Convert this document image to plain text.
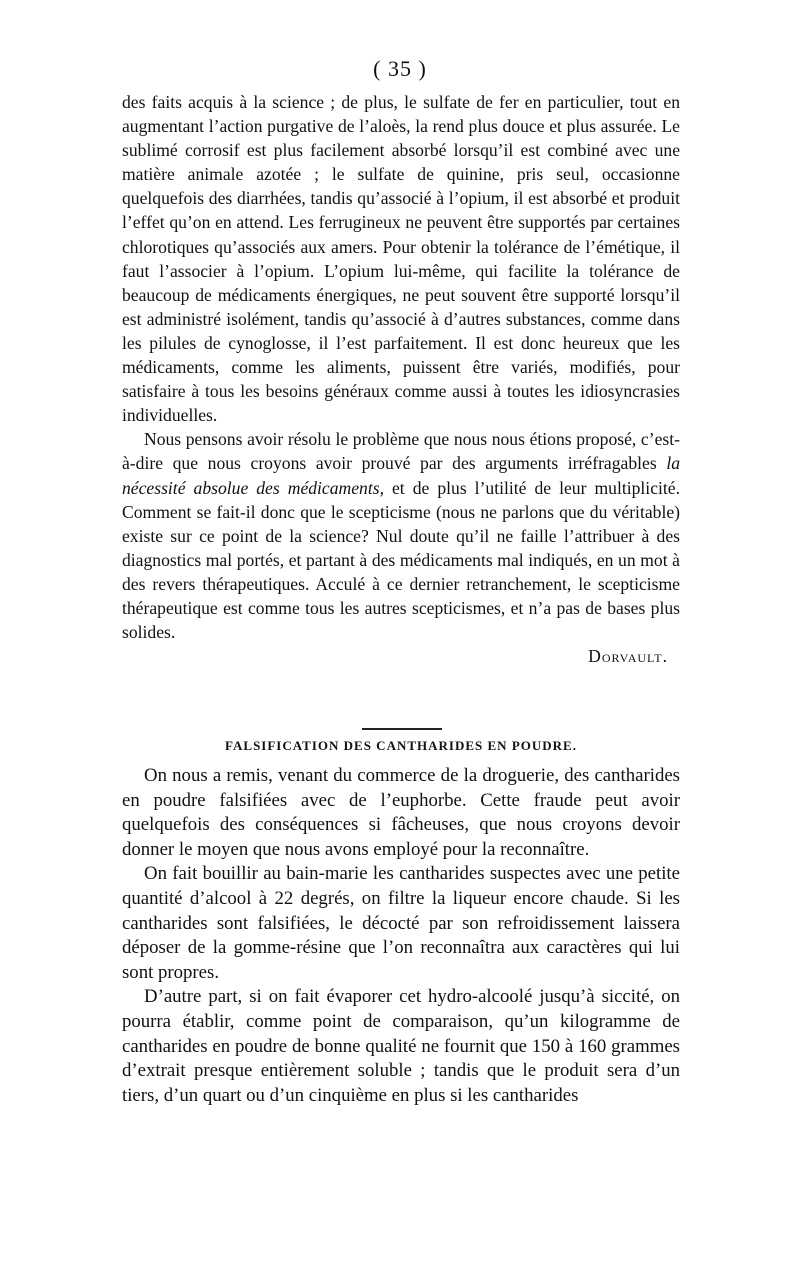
( 35 )

des faits acquis à la science ; de plus, le sulfate de fer en particulier, tout en augmentant l’action purgative de l’aloès, la rend plus douce et plus assurée. Le sublimé corrosif est plus facilement absorbé lorsqu’il est combiné avec une matière animale azotée ; le sulfate de quinine, pris seul, occasionne quelquefois des diarrhées, tandis qu’associé à l’opium, il est absorbé et produit l’effet qu’on en attend. Les ferrugineux ne peuvent être supportés par certaines chlorotiques qu’associés aux amers. Pour obtenir la tolérance de l’émétique, il faut l’associer à l’opium. L’opium lui-même, qui facilite la tolérance de beaucoup de médicaments énergiques, ne peut souvent être supporté lorsqu’il est administré isolément, tandis qu’associé à d’autres substances, comme dans les pilules de cynoglosse, il l’est parfaitement. Il est donc heureux que les médicaments, comme les aliments, puissent être variés, modifiés, pour satisfaire à tous les besoins généraux comme aussi à toutes les idiosyncrasies individuelles.

Nous pensons avoir résolu le problème que nous nous étions proposé, c’est-à-dire que nous croyons avoir prouvé par des arguments irréfragables la nécessité absolue des médicaments, et de plus l’utilité de leur multiplicité. Comment se fait-il donc que le scepticisme (nous ne parlons que du véritable) existe sur ce point de la science? Nul doute qu’il ne faille l’attribuer à des diagnostics mal portés, et partant à des médicaments mal indiqués, en un mot à des revers thérapeutiques. Acculé à ce dernier retranchement, le scepticisme thérapeutique est comme tous les autres scepticismes, et n’a pas de bases plus solides.

Dorvault.

FALSIFICATION DES CANTHARIDES EN POUDRE.

On nous a remis, venant du commerce de la droguerie, des cantharides en poudre falsifiées avec de l’euphorbe. Cette fraude peut avoir quelquefois des conséquences si fâcheuses, que nous croyons devoir donner le moyen que nous avons employé pour la reconnaître.

On fait bouillir au bain-marie les cantharides suspectes avec une petite quantité d’alcool à 22 degrés, on filtre la liqueur encore chaude. Si les cantharides sont falsifiées, le décocté par son refroidissement laissera déposer de la gomme-résine que l’on reconnaîtra aux caractères qui lui sont propres.

D’autre part, si on fait évaporer cet hydro-alcoolé jusqu’à siccité, on pourra établir, comme point de comparaison, qu’un kilogramme de cantharides en poudre de bonne qualité ne fournit que 150 à 160 grammes d’extrait presque entièrement soluble ; tandis que le produit sera d’un tiers, d’un quart ou d’un cinquième en plus si les cantharides
